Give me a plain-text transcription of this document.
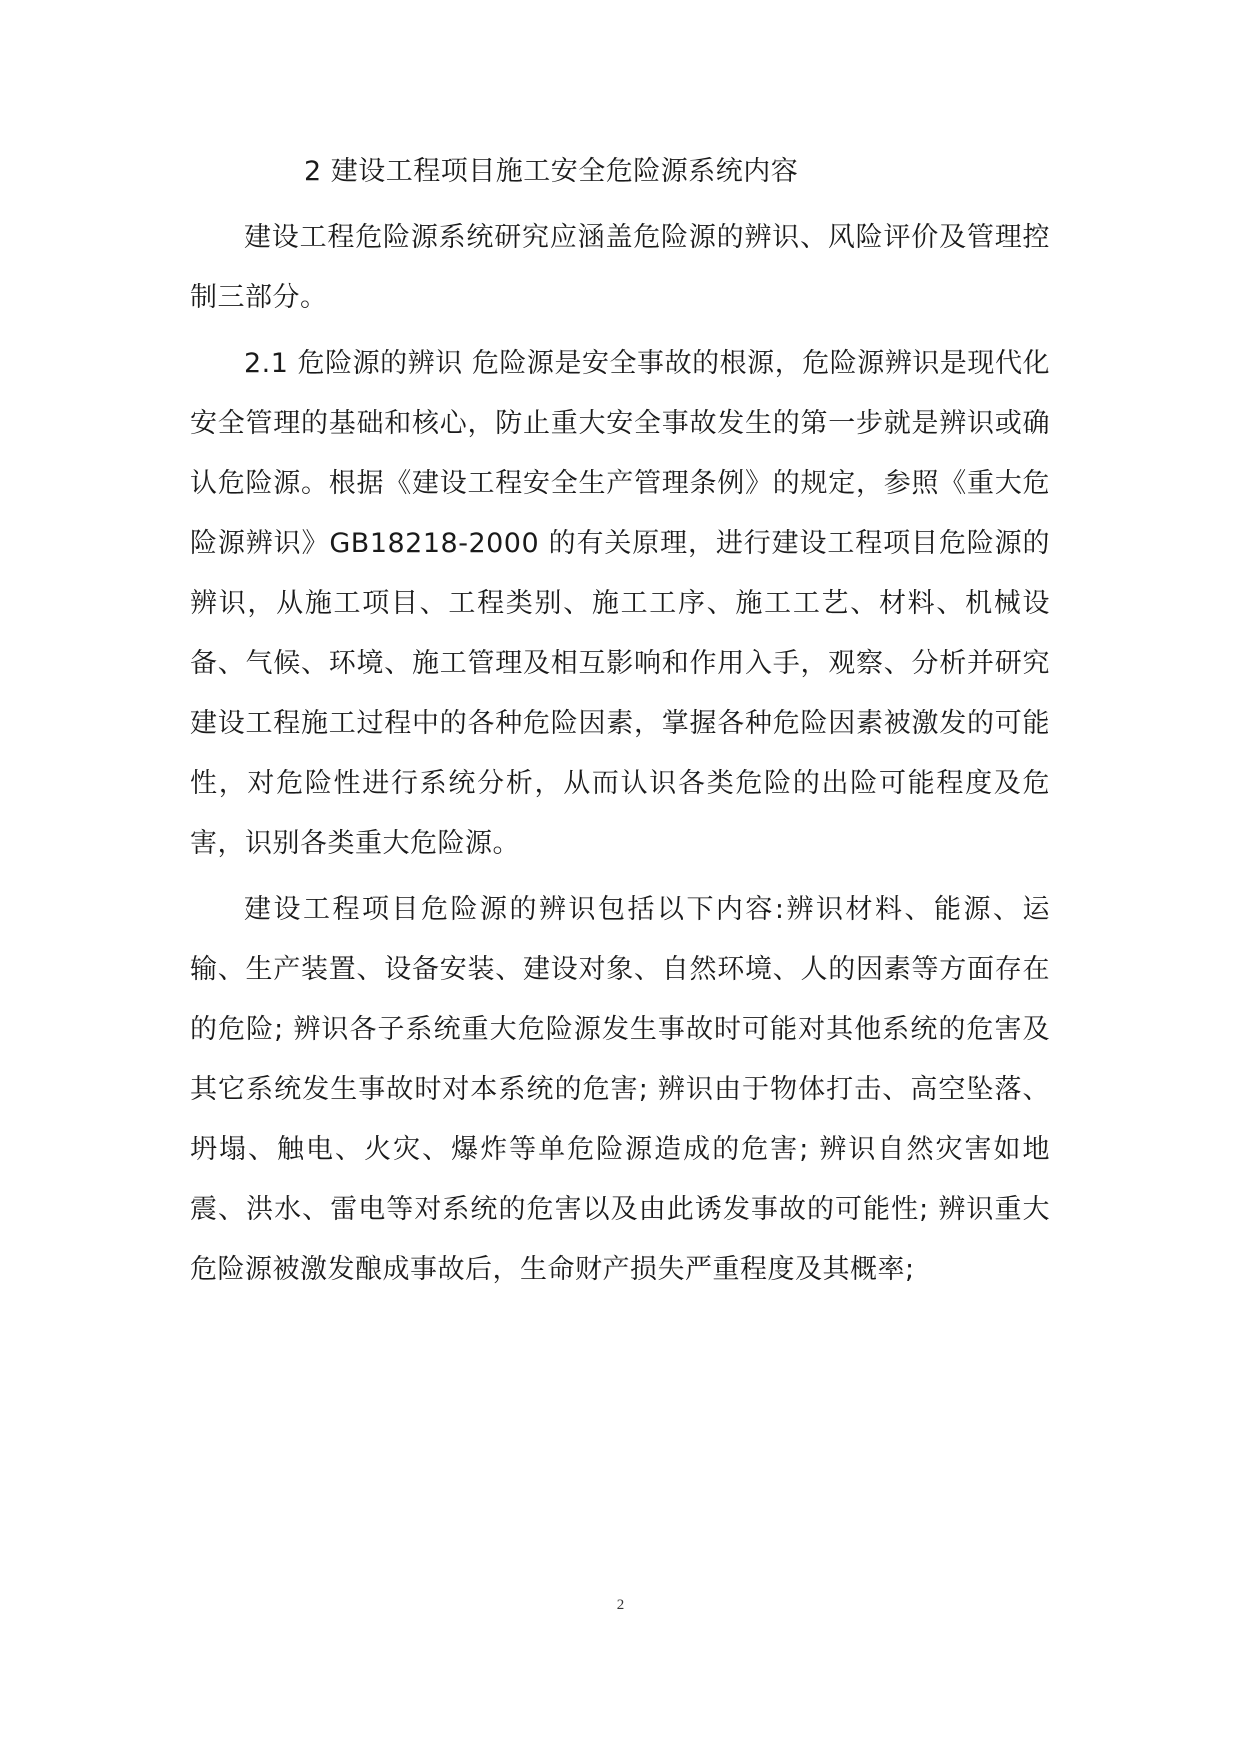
2 建设工程项目施工安全危险源系统内容

建设工程危险源系统研究应涵盖危险源的辨识、风险评价及管理控制三部分。

2.1 危险源的辨识 危险源是安全事故的根源，危险源辨识是现代化安全管理的基础和核心，防止重大安全事故发生的第一步就是辨识或确认危险源。根据《建设工程安全生产管理条例》的规定，参照《重大危险源辨识》GB18218-2000 的有关原理，进行建设工程项目危险源的辨识，从施工项目、工程类别、施工工序、施工工艺、材料、机械设备、气候、环境、施工管理及相互影响和作用入手，观察、分析并研究建设工程施工过程中的各种危险因素，掌握各种危险因素被激发的可能性，对危险性进行系统分析，从而认识各类危险的出险可能程度及危害，识别各类重大危险源。

建设工程项目危险源的辨识包括以下内容:辨识材料、能源、运输、生产装置、设备安装、建设对象、自然环境、人的因素等方面存在的危险; 辨识各子系统重大危险源发生事故时可能对其他系统的危害及其它系统发生事故时对本系统的危害; 辨识由于物体打击、高空坠落、坍塌、触电、火灾、爆炸等单危险源造成的危害; 辨识自然灾害如地震、洪水、雷电等对系统的危害以及由此诱发事故的可能性; 辨识重大危险源被激发酿成事故后，生命财产损失严重程度及其概率;

2
